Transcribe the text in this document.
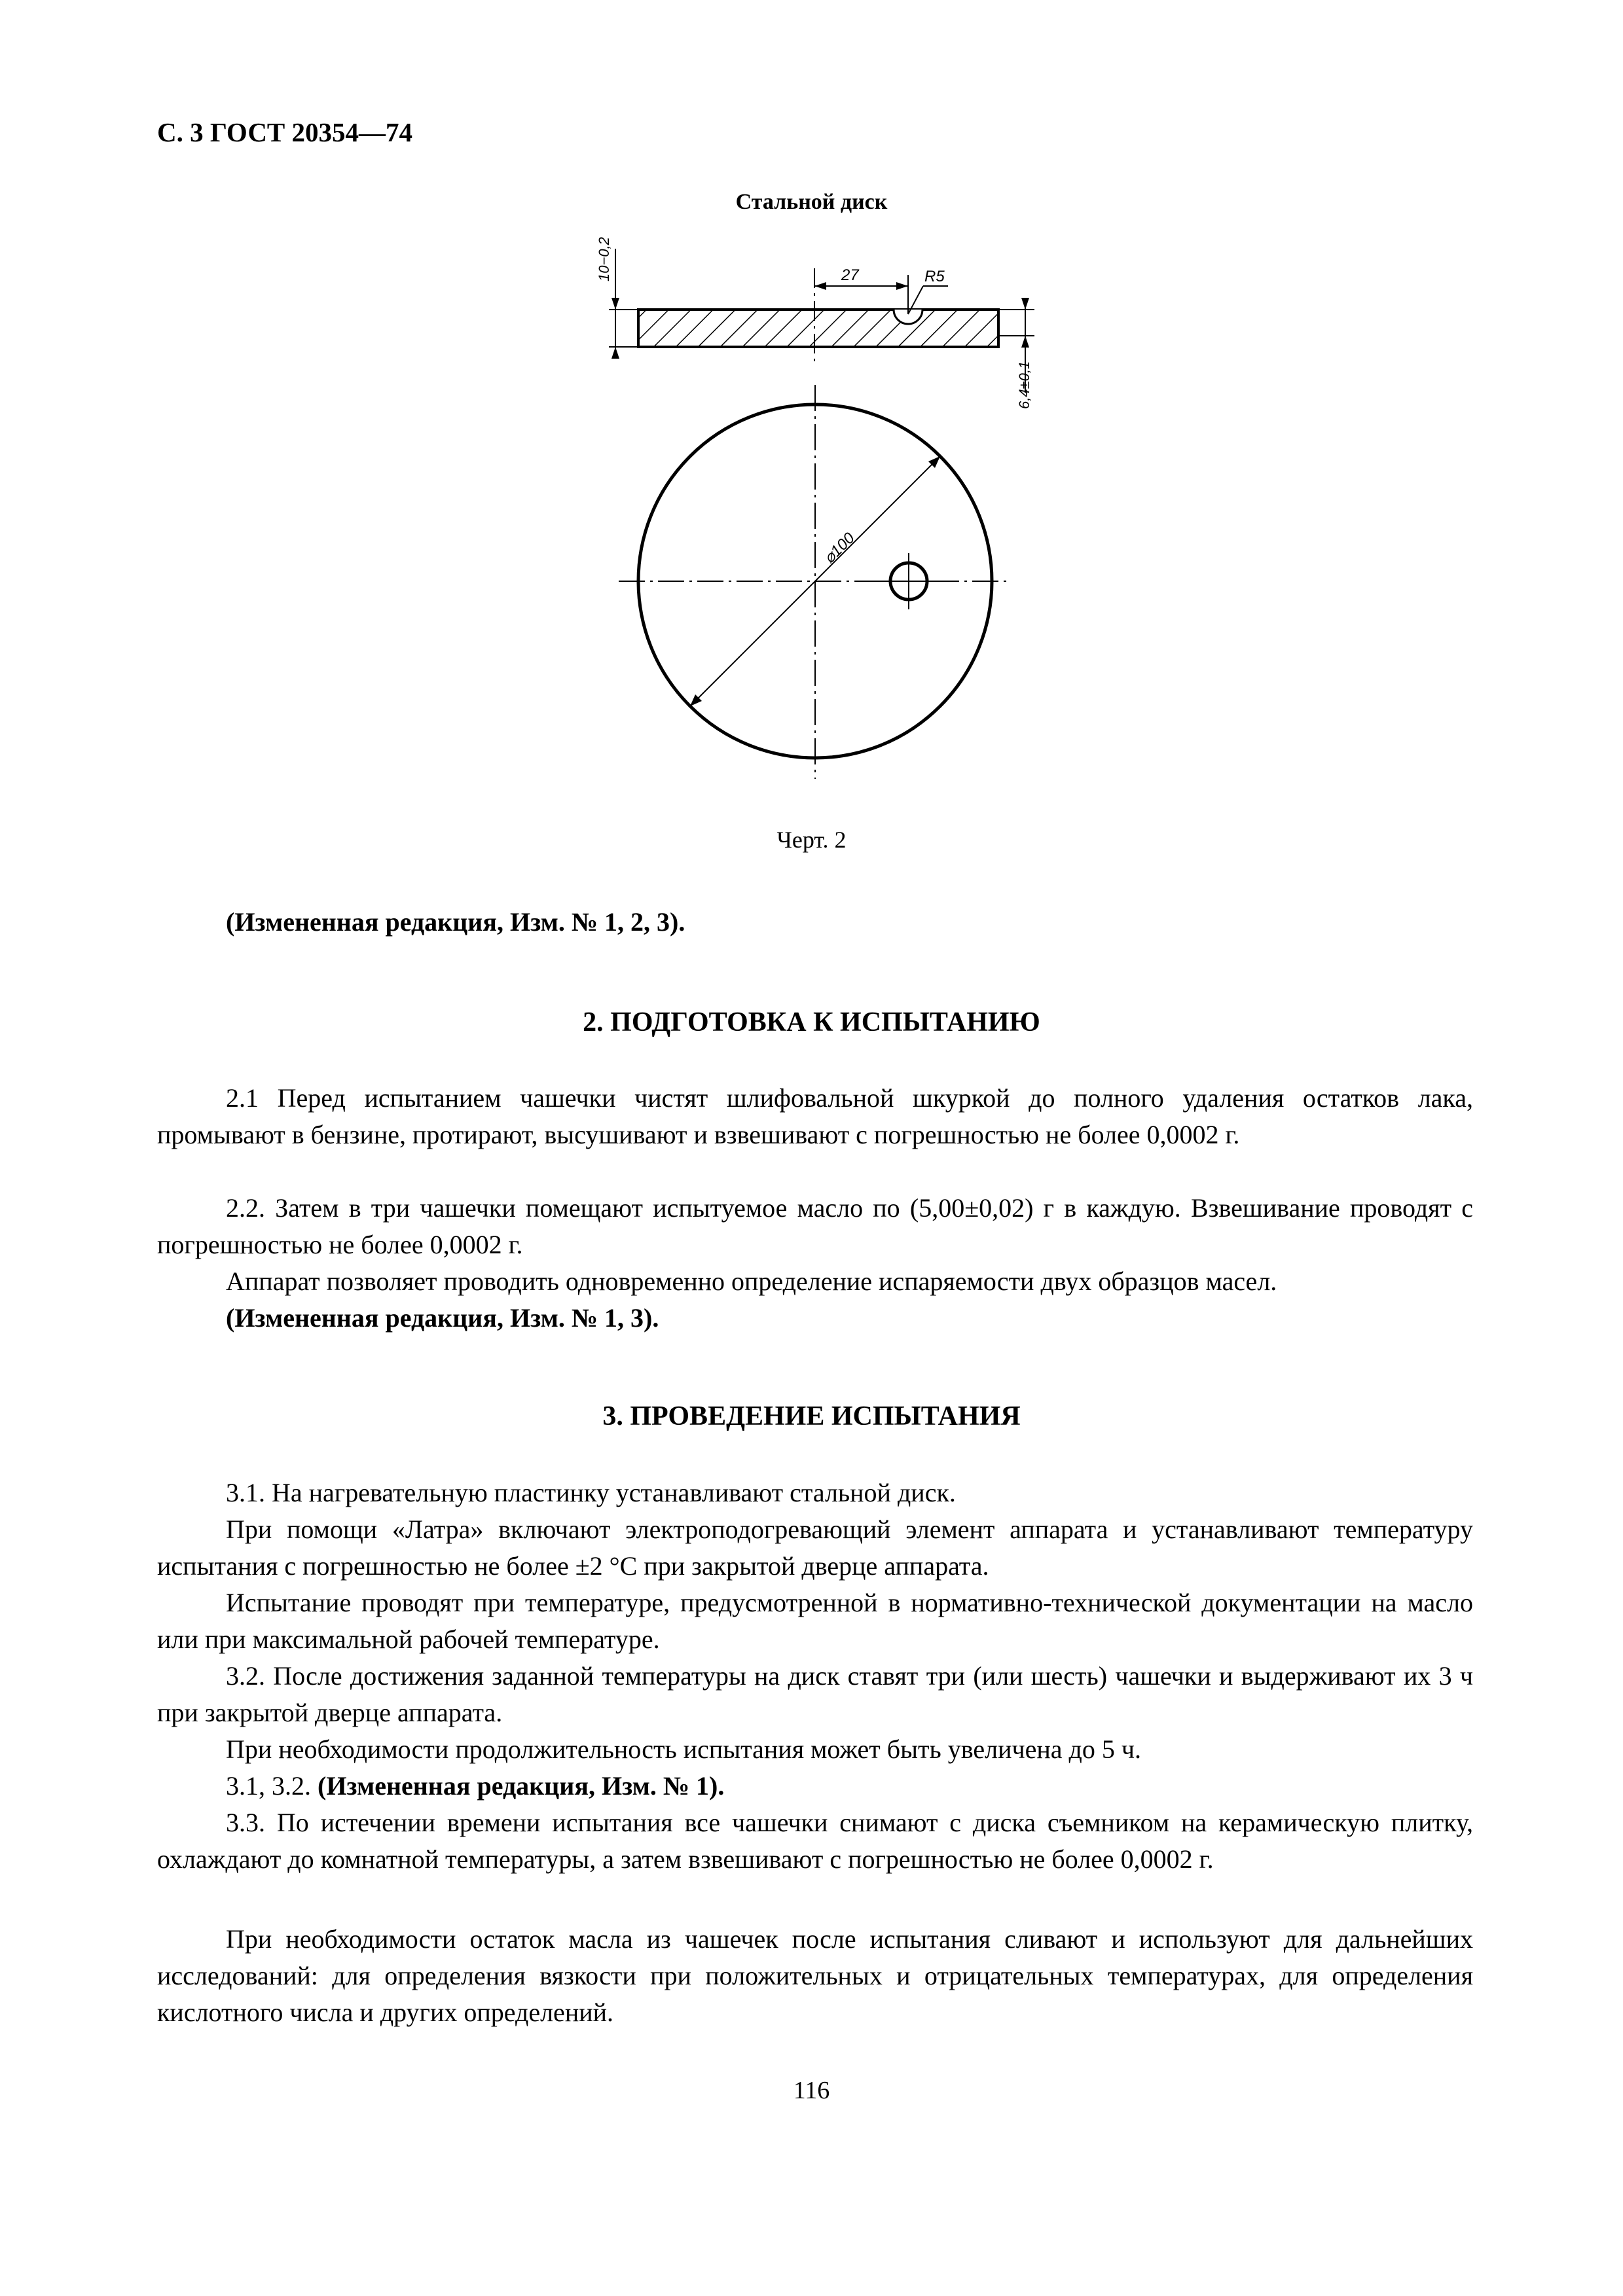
С. 3 ГОСТ 20354—74
Стальной диск
10−0,2	27	R5
6,4±0,1
⌀100
Черт. 2
(Измененная редакция, Изм. № 1, 2, 3).
2. ПОДГОТОВКА К ИСПЫТАНИЮ

2.1 Перед испытанием чашечки чистят шлифовальной шкуркой до полного удаления остатков лака, промывают в бензине, протирают, высушивают и взвешивают с погрешностью не более 0,0002 г.

2.2. Затем в три чашечки помещают испытуемое масло по (5,00±0,02) г в каждую. Взвешивание проводят с погрешностью не более 0,0002 г.

Аппарат позволяет проводить одновременно определение испаряемости двух образцов масел.

(Измененная редакция, Изм. № 1, 3).

3. ПРОВЕДЕНИЕ ИСПЫТАНИЯ

3.1. На нагревательную пластинку устанавливают стальной диск.

При помощи «Латра» включают электроподогревающий элемент аппарата и устанавливают температуру испытания с погрешностью не более ±2 °С при закрытой дверце аппарата.

Испытание проводят при температуре, предусмотренной в нормативно-технической документации на масло или при максимальной рабочей температуре.

3.2. После достижения заданной температуры на диск ставят три (или шесть) чашечки и выдерживают их 3 ч при закрытой дверце аппарата.

При необходимости продолжительность испытания может быть увеличена до 5 ч.

3.1, 3.2. (Измененная редакция, Изм. № 1).

3.3. По истечении времени испытания все чашечки снимают с диска съемником на керамическую плитку, охлаждают до комнатной температуры, а затем взвешивают с погрешностью не более 0,0002 г.

При необходимости остаток масла из чашечек после испытания сливают и используют для дальнейших исследований: для определения вязкости при положительных и отрицательных температурах, для определения кислотного числа и других определений.

116
